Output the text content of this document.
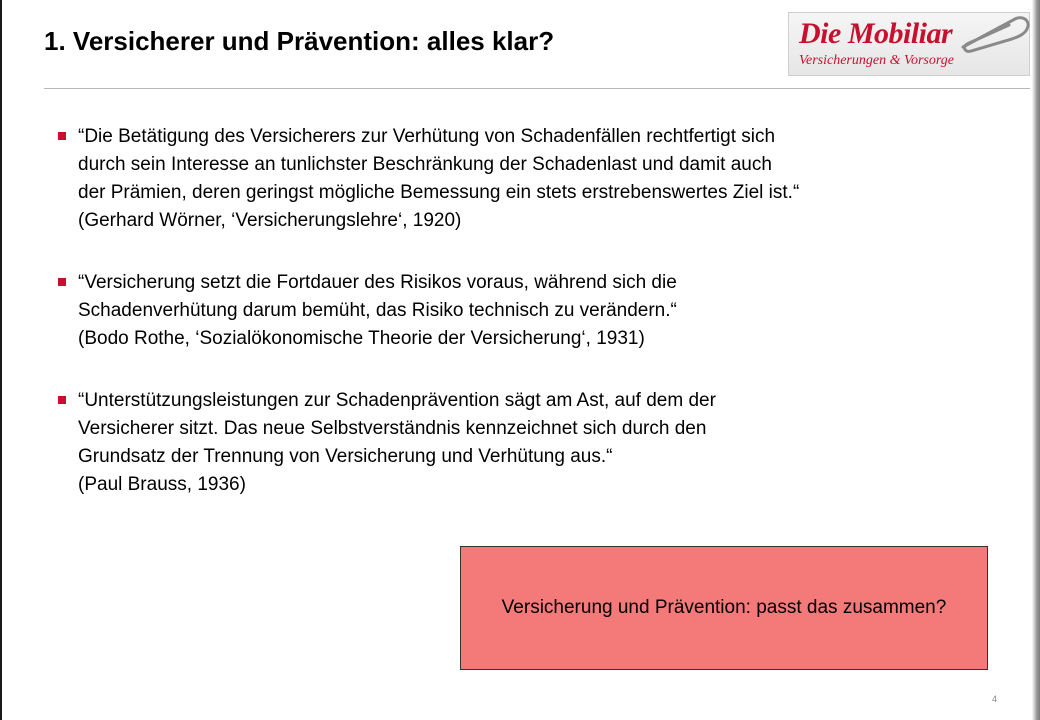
1. Versicherer und Prävention: alles klar?	Die Mobiliar
Versicherungen & Vorsorge
“Die Betätigung des Versicherers zur Verhütung von Schadenfällen rechtfertigt sich
durch sein Interesse an tunlichster Beschränkung der Schadenlast und damit auch
der Prämien, deren geringst mögliche Bemessung ein stets erstrebenswertes Ziel ist.“
(Gerhard Wörner, ‘Versicherungslehre‘, 1920)
“Versicherung setzt die Fortdauer des Risikos voraus, während sich die
Schadenverhütung darum bemüht, das Risiko technisch zu verändern.“
(Bodo Rothe, ‘Sozialökonomische Theorie der Versicherung‘, 1931)
“Unterstützungsleistungen zur Schadenprävention sägt am Ast, auf dem der
Versicherer sitzt. Das neue Selbstverständnis kennzeichnet sich durch den
Grundsatz der Trennung von Versicherung und Verhütung aus.“
(Paul Brauss, 1936)
Versicherung und Prävention: passt das zusammen?
4
